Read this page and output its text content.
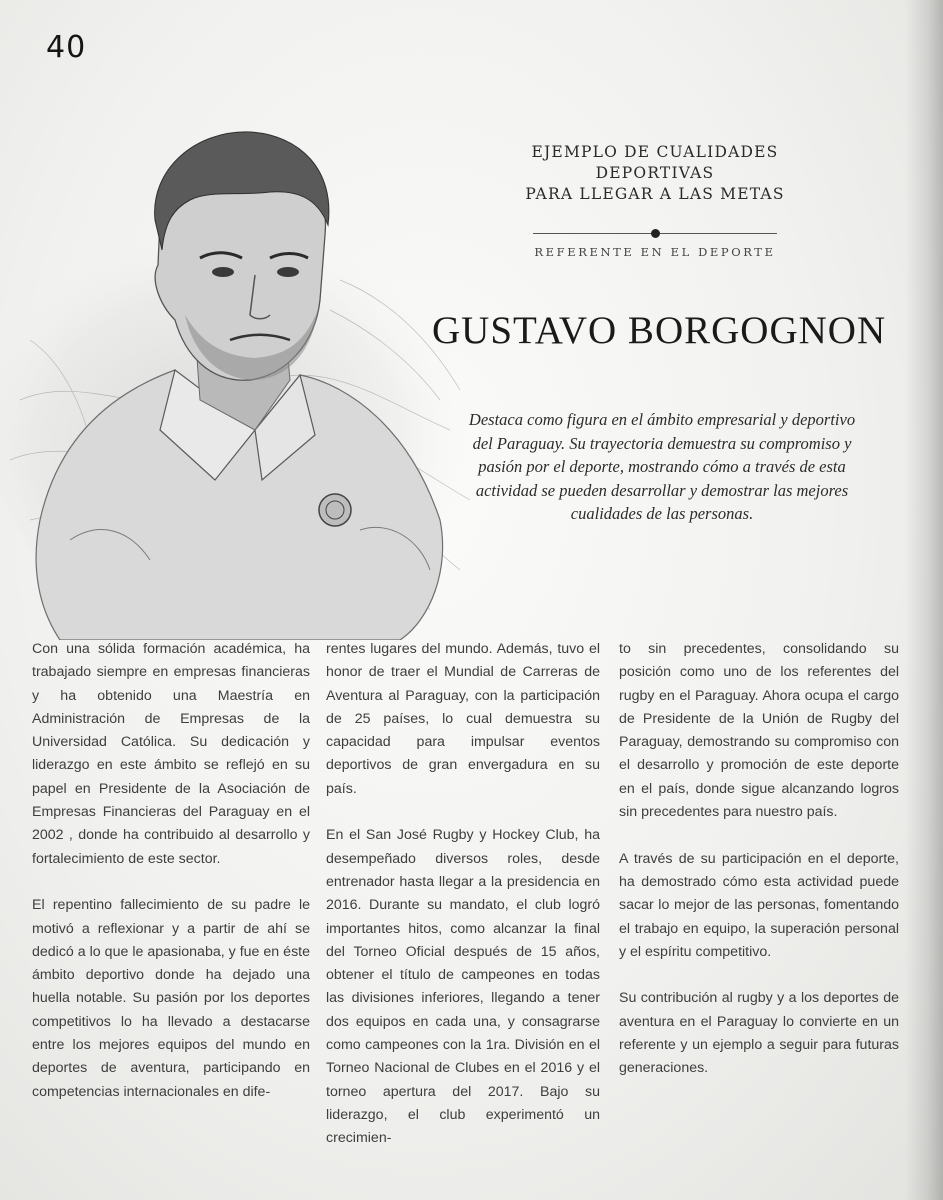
40
EJEMPLO DE CUALIDADES DEPORTIVAS
PARA LLEGAR A LAS METAS
REFERENTE EN EL DEPORTE
GUSTAVO BORGOGNON
Destaca como figura en el ámbito empresarial y deportivo del Paraguay. Su trayectoria demuestra su compromiso y pasión por el deporte, mostrando cómo a través de esta actividad se pueden desarrollar y demostrar las mejores cualidades de las personas.

Con una sólida formación académica, ha trabajado siempre en empresas financieras y ha obtenido una Maestría en Administración de Empresas de la Universidad Católica. Su dedicación y liderazgo en este ámbito se reflejó en su papel en Presidente de la Asociación de Empresas Financieras del Paraguay en el 2002 , donde ha contribuido al desarrollo y fortalecimiento de este sector.

El repentino fallecimiento de su padre le motivó a reflexionar y a partir de ahí se dedicó a lo que le apasionaba, y fue en éste ámbito deportivo donde ha dejado una huella notable. Su pasión por los deportes competitivos lo ha llevado a destacarse entre los mejores equipos del mundo en deportes de aventura, participando en competencias internacionales en dife-

rentes lugares del mundo. Además, tuvo el honor de traer el Mundial de Carreras de Aventura al Paraguay, con la participación de 25 países, lo cual demuestra su capacidad para impulsar eventos deportivos de gran envergadura en su país.

En el San José Rugby y Hockey Club, ha desempeñado diversos roles, desde entrenador hasta llegar a la presidencia en 2016. Durante su mandato, el club logró importantes hitos, como alcanzar la final del Torneo Oficial después de 15 años, obtener el título de campeones en todas las divisiones inferiores, llegando a tener dos equipos en cada una, y consagrarse como campeones con la 1ra. División en el Torneo Nacional de Clubes en el 2016 y el torneo apertura del 2017. Bajo su liderazgo, el club experimentó un crecimien-

to sin precedentes, consolidando su posición como uno de los referentes del rugby en el Paraguay. Ahora ocupa el cargo de Presidente de la Unión de Rugby del Paraguay, demostrando su compromiso con el desarrollo y promoción de este deporte en el país, donde sigue alcanzando logros sin precedentes para nuestro país.

A través de su participación en el deporte, ha demostrado cómo esta actividad puede sacar lo mejor de las personas, fomentando el trabajo en equipo, la superación personal y el espíritu competitivo.

Su contribución al rugby y a los deportes de aventura en el Paraguay lo convierte en un referente y un ejemplo a seguir para futuras generaciones.
